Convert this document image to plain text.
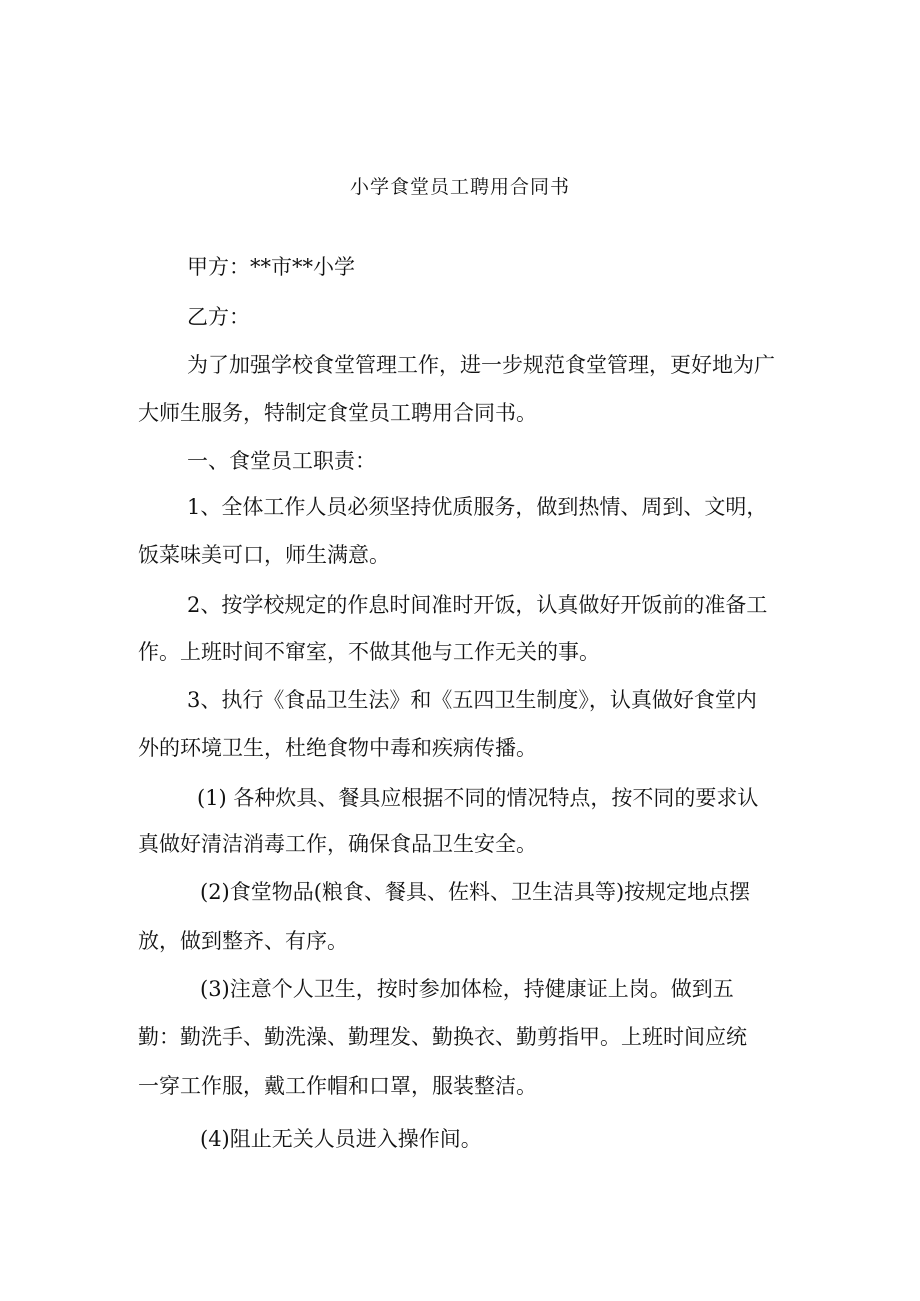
小学食堂员工聘用合同书
甲方：**市**小学
乙方：
为了加强学校食堂管理工作，进一步规范食堂管理，更好地为广
大师生服务，特制定食堂员工聘用合同书。
一、食堂员工职责：
1、全体工作人员必须坚持优质服务，做到热情、周到、文明，
饭菜味美可口，师生满意。
2、按学校规定的作息时间准时开饭，认真做好开饭前的准备工
作。上班时间不窜室，不做其他与工作无关的事。
3、执行《食品卫生法》和《五四卫生制度》，认真做好食堂内
外的环境卫生，杜绝食物中毒和疾病传播。
(1) 各种炊具、餐具应根据不同的情况特点，按不同的要求认
真做好清洁消毒工作，确保食品卫生安全。
(2)食堂物品(粮食、餐具、佐料、卫生洁具等)按规定地点摆
放，做到整齐、有序。
(3)注意个人卫生，按时参加体检，持健康证上岗。做到五
勤：勤洗手、勤洗澡、勤理发、勤换衣、勤剪指甲。上班时间应统
一穿工作服，戴工作帽和口罩，服装整洁。
(4)阻止无关人员进入操作间。
